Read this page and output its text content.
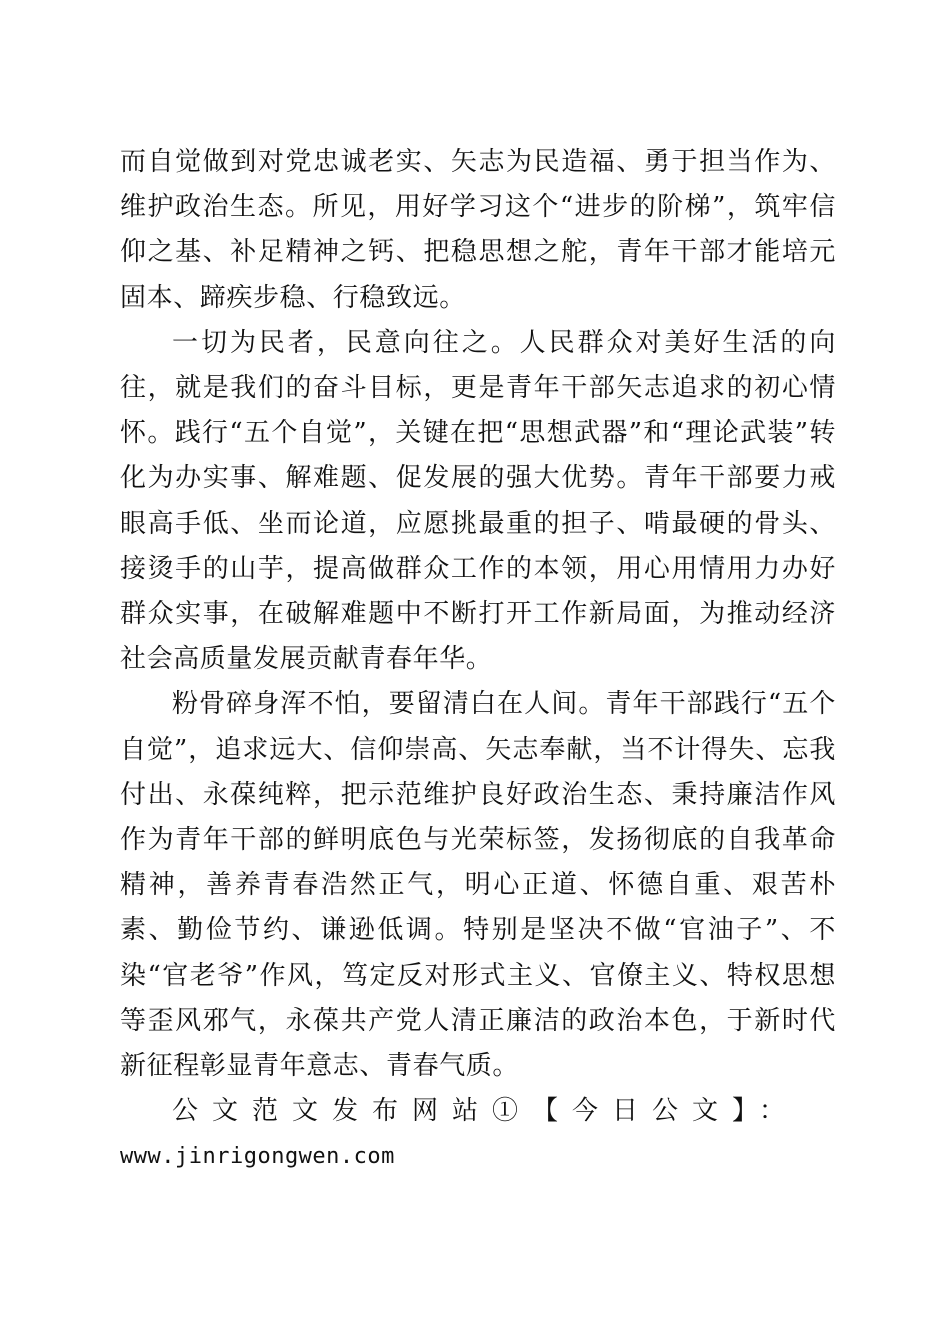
而自觉做到对党忠诚老实、矢志为民造福、勇于担当作为、维护政治生态。所见，用好学习这个“进步的阶梯”，筑牢信仰之基、补足精神之钙、把稳思想之舵，青年干部才能培元固本、蹄疾步稳、行稳致远。

一切为民者，民意向往之。人民群众对美好生活的向往，就是我们的奋斗目标，更是青年干部矢志追求的初心情怀。践行“五个自觉”，关键在把“思想武器”和“理论武装”转化为办实事、解难题、促发展的强大优势。青年干部要力戒眼高手低、坐而论道，应愿挑最重的担子、啃最硬的骨头、接烫手的山芋，提高做群众工作的本领，用心用情用力办好群众实事，在破解难题中不断打开工作新局面，为推动经济社会高质量发展贡献青春年华。

粉骨碎身浑不怕，要留清白在人间。青年干部践行“五个自觉”，追求远大、信仰崇高、矢志奉献，当不计得失、忘我付出、永葆纯粹，把示范维护良好政治生态、秉持廉洁作风作为青年干部的鲜明底色与光荣标签，发扬彻底的自我革命精神，善养青春浩然正气，明心正道、怀德自重、艰苦朴素、勤俭节约、谦逊低调。特别是坚决不做“官油子”、不染“官老爷”作风，笃定反对形式主义、官僚主义、特权思想等歪风邪气，永葆共产党人清正廉洁的政治本色，于新时代新征程彰显青年意志、青春气质。

公文范文发布网站①【今日公文】：

www.jinrigongwen.com
